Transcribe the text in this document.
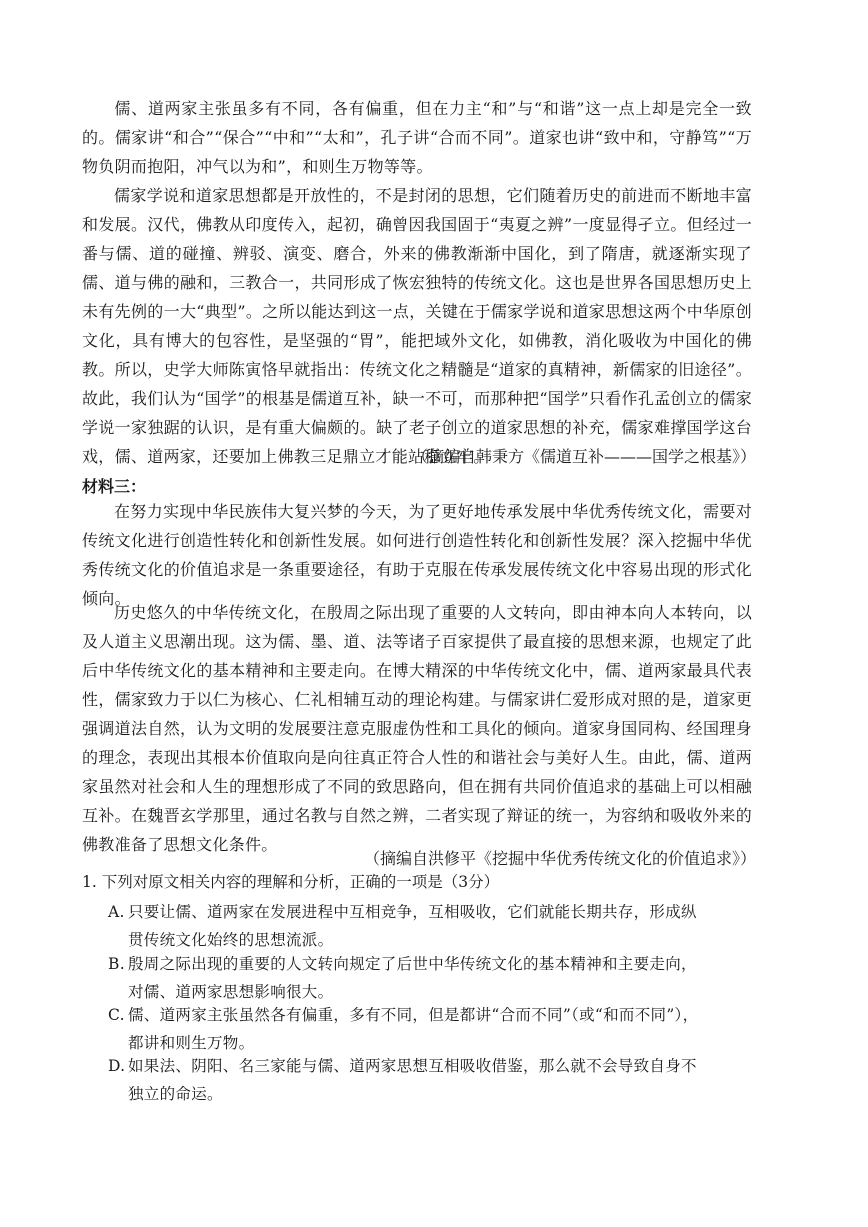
儒、道两家主张虽多有不同，各有偏重，但在力主“和”与“和谐”这一点上却是完全一致的。儒家讲“和合”“保合”“中和”“太和”，孔子讲“合而不同”。道家也讲“致中和，守静笃”“万物负阴而抱阳，冲气以为和”，和则生万物等等。
儒家学说和道家思想都是开放性的，不是封闭的思想，它们随着历史的前进而不断地丰富和发展。汉代，佛教从印度传入，起初，确曾因我国固于“夷夏之辨”一度显得孑立。但经过一番与儒、道的碰撞、辨驳、演变、磨合，外来的佛教渐渐中国化，到了隋唐，就逐渐实现了儒、道与佛的融和，三教合一，共同形成了恢宏独特的传统文化。这也是世界各国思想历史上未有先例的一大“典型”。之所以能达到这一点，关键在于儒家学说和道家思想这两个中华原创文化，具有博大的包容性，是坚强的“胃”，能把域外文化，如佛教，消化吸收为中国化的佛教。所以，史学大师陈寅恪早就指出：传统文化之精髓是“道家的真精神，新儒家的旧途径”。故此，我们认为“国学”的根基是儒道互补，缺一不可，而那种把“国学”只看作孔孟创立的儒家学说一家独踞的认识，是有重大偏颇的。缺了老子创立的道家思想的补充，儒家难撑国学这台戏，儒、道两家，还要加上佛教三足鼎立才能站稳立牢。
（摘编自韩秉方《儒道互补———国学之根基》）
材料三：
在努力实现中华民族伟大复兴梦的今天，为了更好地传承发展中华优秀传统文化，需要对传统文化进行创造性转化和创新性发展。如何进行创造性转化和创新性发展？深入挖掘中华优秀传统文化的价值追求是一条重要途径，有助于克服在传承发展传统文化中容易出现的形式化倾向。
历史悠久的中华传统文化，在殷周之际出现了重要的人文转向，即由神本向人本转向，以及人道主义思潮出现。这为儒、墨、道、法等诸子百家提供了最直接的思想来源，也规定了此后中华传统文化的基本精神和主要走向。在博大精深的中华传统文化中，儒、道两家最具代表性，儒家致力于以仁为核心、仁礼相辅互动的理论构建。与儒家讲仁爱形成对照的是，道家更强调道法自然，认为文明的发展要注意克服虚伪性和工具化的倾向。道家身国同构、经国理身的理念，表现出其根本价值取向是向往真正符合人性的和谐社会与美好人生。由此，儒、道两家虽然对社会和人生的理想形成了不同的致思路向，但在拥有共同价值追求的基础上可以相融互补。在魏晋玄学那里，通过名教与自然之辨，二者实现了辩证的统一，为容纳和吸收外来的佛教准备了思想文化条件。
（摘编自洪修平《挖掘中华优秀传统文化的价值追求》）
1. 下列对原文相关内容的理解和分析，正确的一项是（3分）
A. 只要让儒、道两家在发展进程中互相竞争，互相吸收，它们就能长期共存，形成纵
贯传统文化始终的思想流派。
B. 殷周之际出现的重要的人文转向规定了后世中华传统文化的基本精神和主要走向，
对儒、道两家思想影响很大。
C. 儒、道两家主张虽然各有偏重，多有不同，但是都讲“合而不同”（或“和而不同”），
都讲和则生万物。
D. 如果法、阴阳、名三家能与儒、道两家思想互相吸收借鉴，那么就不会导致自身不
独立的命运。
